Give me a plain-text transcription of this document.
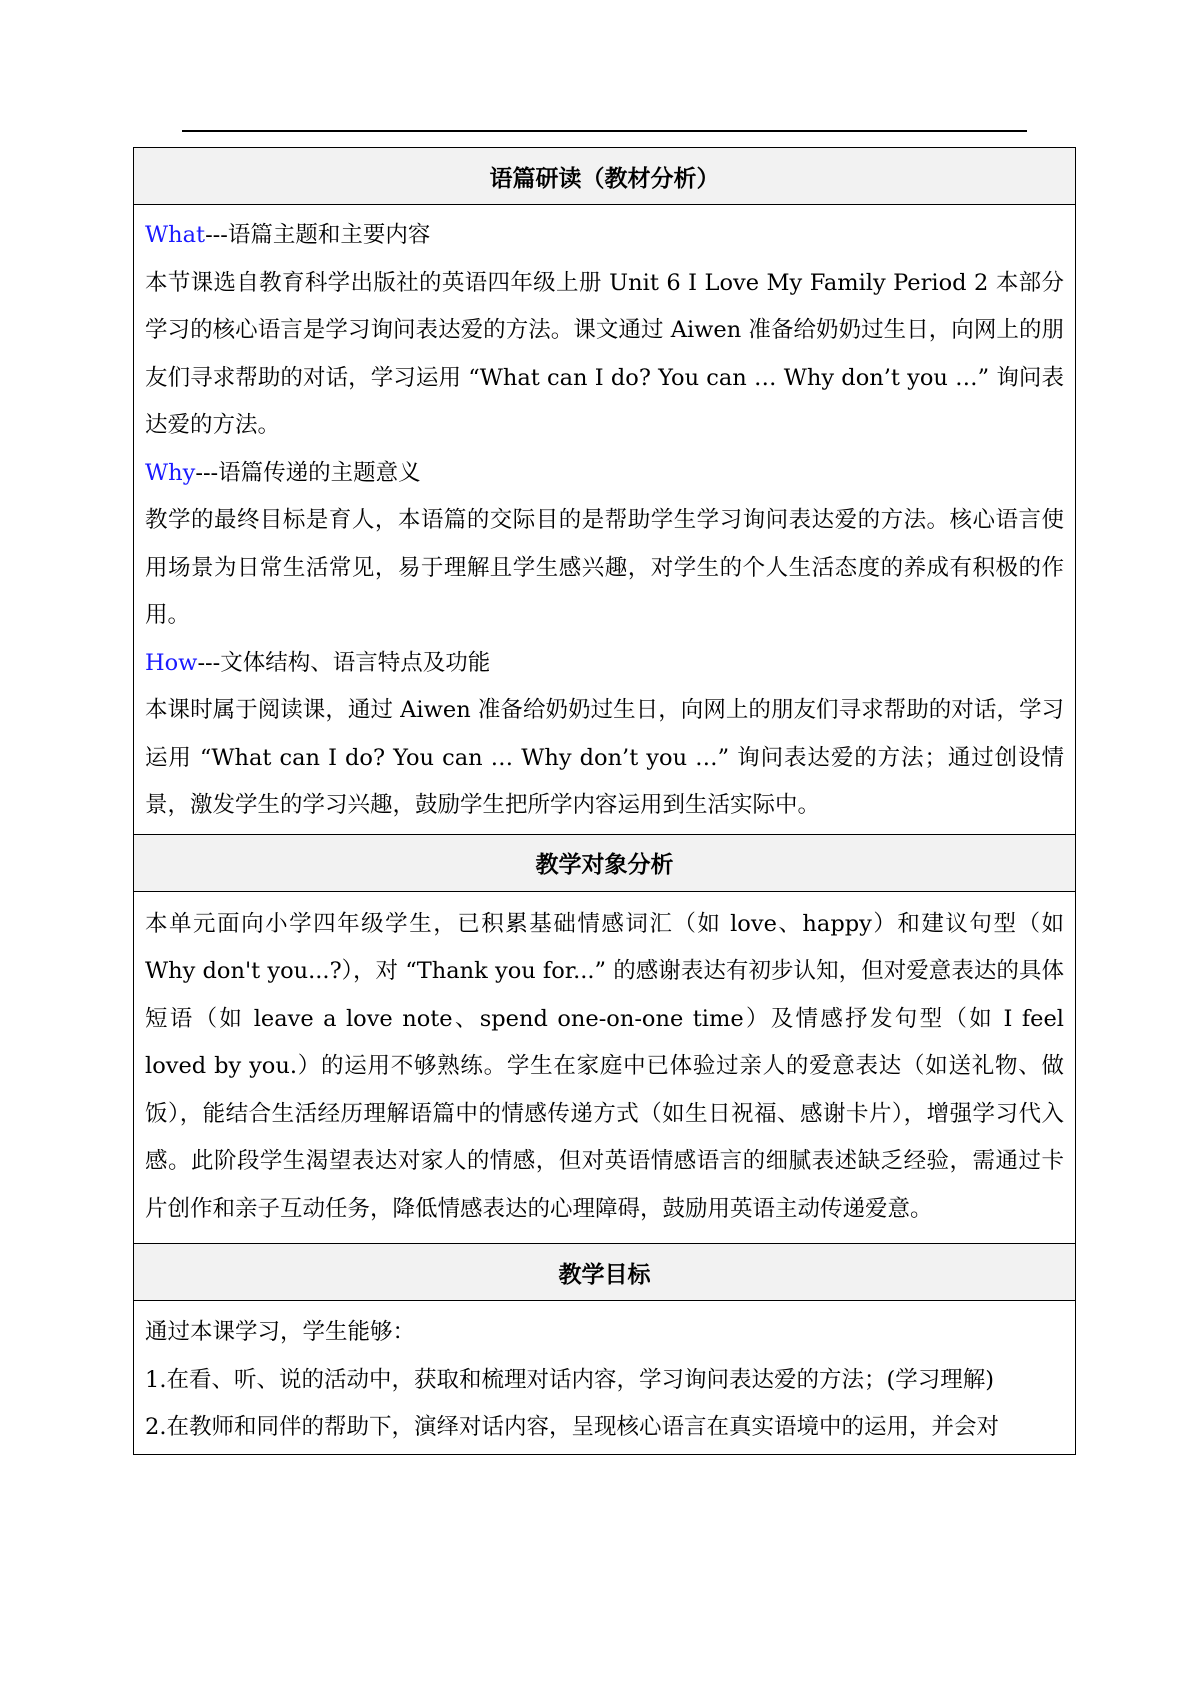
语篇研读（教材分析）

What---语篇主题和主要内容

本节课选自教育科学出版社的英语四年级上册 Unit 6 I Love My Family Period 2 本部分学习的核心语言是学习询问表达爱的方法。课文通过 Aiwen 准备给奶奶过生日，向网上的朋友们寻求帮助的对话，学习运用 “What can I do? You can … Why don’t you …” 询问表达爱的方法。

Why---语篇传递的主题意义

教学的最终目标是育人，本语篇的交际目的是帮助学生学习询问表达爱的方法。核心语言使用场景为日常生活常见，易于理解且学生感兴趣，对学生的个人生活态度的养成有积极的作用。

How---文体结构、语言特点及功能

本课时属于阅读课，通过 Aiwen 准备给奶奶过生日，向网上的朋友们寻求帮助的对话，学习运用 “What can I do? You can … Why don’t you …” 询问表达爱的方法；通过创设情景，激发学生的学习兴趣，鼓励学生把所学内容运用到生活实际中。

教学对象分析

本单元面向小学四年级学生，已积累基础情感词汇（如 love、happy）和建议句型（如 Why don't you...?），对 “Thank you for...” 的感谢表达有初步认知，但对爱意表达的具体短语（如 leave a love note、spend one-on-one time）及情感抒发句型（如 I feel loved by you.）的运用不够熟练。学生在家庭中已体验过亲人的爱意表达（如送礼物、做饭），能结合生活经历理解语篇中的情感传递方式（如生日祝福、感谢卡片），增强学习代入感。此阶段学生渴望表达对家人的情感，但对英语情感语言的细腻表述缺乏经验，需通过卡片创作和亲子互动任务，降低情感表达的心理障碍，鼓励用英语主动传递爱意。

教学目标

通过本课学习，学生能够：

1.在看、听、说的活动中，获取和梳理对话内容，学习询问表达爱的方法；(学习理解)

2.在教师和同伴的帮助下，演绎对话内容，呈现核心语言在真实语境中的运用，并会对
